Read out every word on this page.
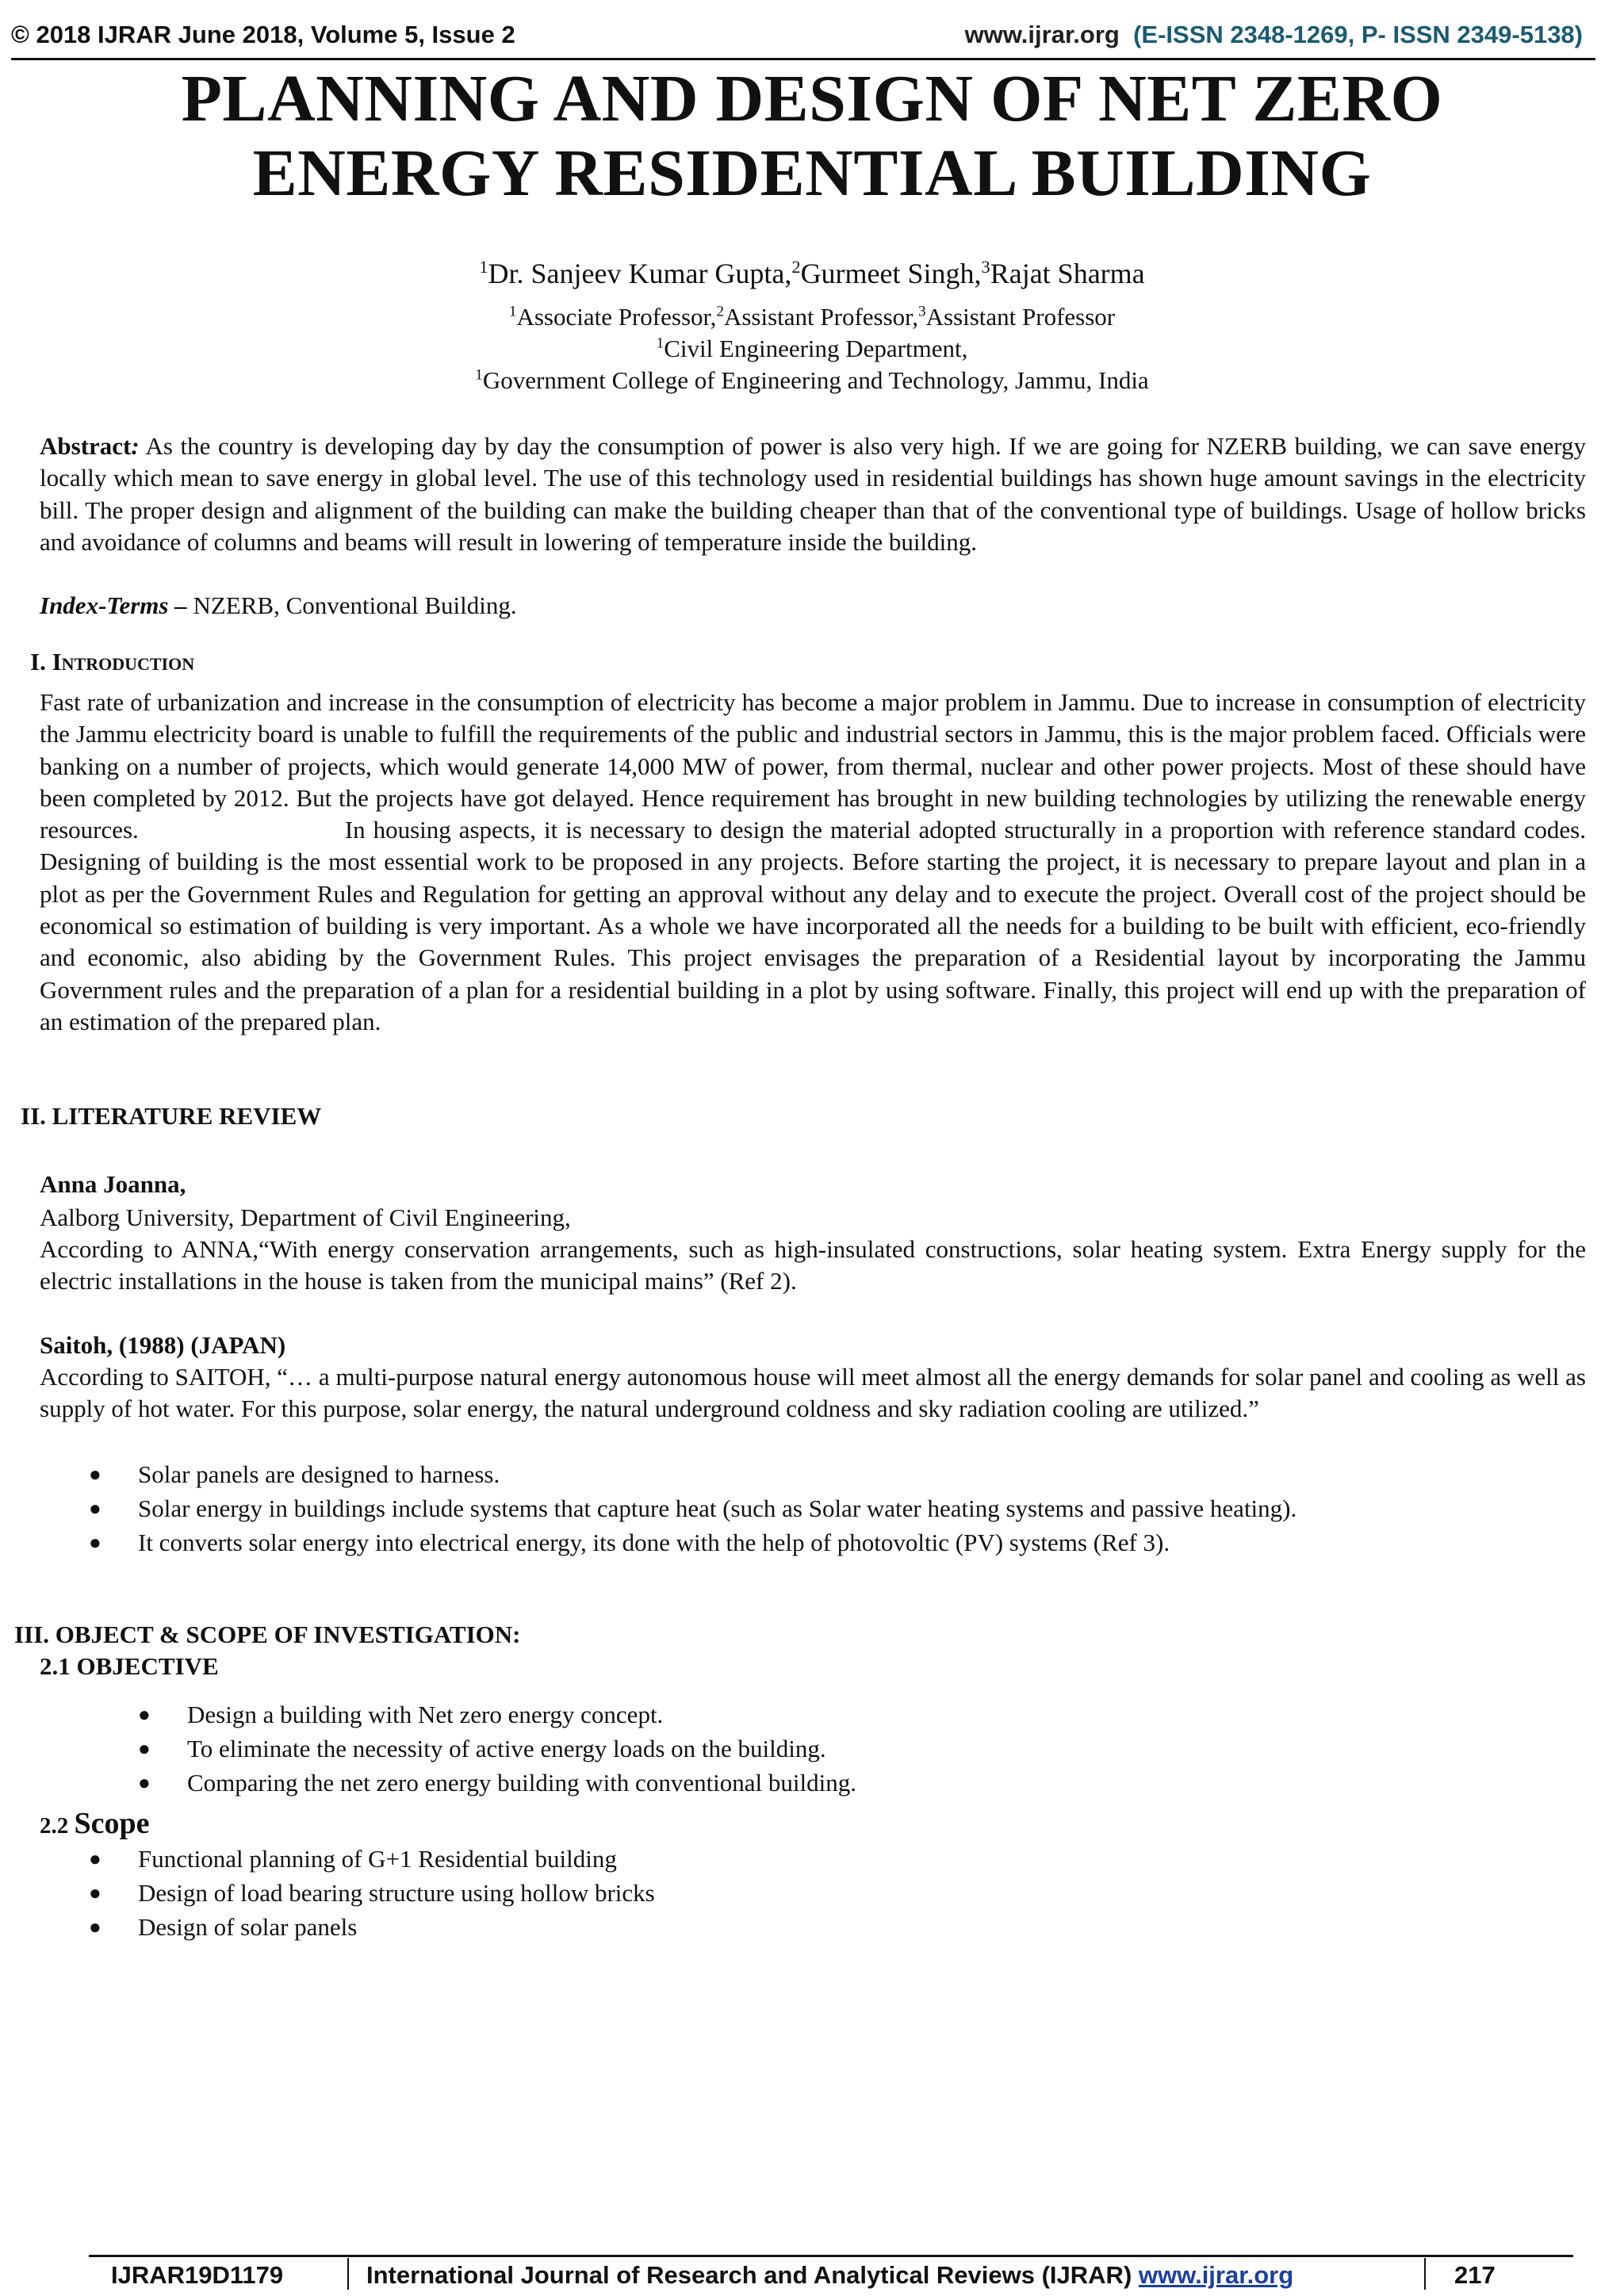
© 2018 IJRAR June 2018, Volume 5, Issue 2	www.ijrar.org (E-ISSN 2348-1269, P- ISSN 2349-5138)
PLANNING AND DESIGN OF NET ZERO
ENERGY RESIDENTIAL BUILDING
$^1$Dr. Sanjeev Kumar Gupta,$^2$Gurmeet Singh,$^3$Rajat Sharma
$^1$Associate Professor,$^2$Assistant Professor,$^3$Assistant Professor
$^1$Civil Engineering Department,
$^1$Government College of Engineering and Technology, Jammu, India
Abstract: As the country is developing day by day the consumption of power is also very high. If we are going for NZERB building, we can save energy locally which mean to save energy in global level. The use of this technology used in residential buildings has shown huge amount savings in the electricity bill. The proper design and alignment of the building can make the building cheaper than that of the conventional type of buildings. Usage of hollow bricks and avoidance of columns and beams will result in lowering of temperature inside the building.
Index-Terms – NZERB, Conventional Building.
I. Introduction
Fast rate of urbanization and increase in the consumption of electricity has become a major problem in Jammu. Due to increase in consumption of electricity the Jammu electricity board is unable to fulfill the requirements of the public and industrial sectors in Jammu, this is the major problem faced. Officials were banking on a number of projects, which would generate 14,000 MW of power, from thermal, nuclear and other power projects. Most of these should have been completed by 2012. But the projects have got delayed. Hence requirement has brought in new building technologies by utilizing the renewable energy resources.	In housing aspects, it is necessary to design the material adopted structurally in a proportion with reference standard codes. Designing of building is the most essential work to be proposed in any projects. Before starting the project, it is necessary to prepare layout and plan in a plot as per the Government Rules and Regulation for getting an approval without any delay and to execute the project. Overall cost of the project should be economical so estimation of building is very important. As a whole we have incorporated all the needs for a building to be built with efficient, eco-friendly and economic, also abiding by the Government Rules. This project envisages the preparation of a Residential layout by incorporating the Jammu Government rules and the preparation of a plan for a residential building in a plot by using software. Finally, this project will end up with the preparation of an estimation of the prepared plan.
II. LITERATURE REVIEW
Anna Joanna,
Aalborg University, Department of Civil Engineering,
According to ANNA,“With energy conservation arrangements, such as high-insulated constructions, solar heating system. Extra Energy supply for the electric installations in the house is taken from the municipal mains” (Ref 2).
Saitoh, (1988) (JAPAN)
According to SAITOH, “… a multi-purpose natural energy autonomous house will meet almost all the energy demands for solar panel and cooling as well as supply of hot water. For this purpose, solar energy, the natural underground coldness and sky radiation cooling are utilized.”
● Solar panels are designed to harness.
● Solar energy in buildings include systems that capture heat (such as Solar water heating systems and passive heating).
● It converts solar energy into electrical energy, its done with the help of photovoltic (PV) systems (Ref 3).
III. OBJECT & SCOPE OF INVESTIGATION:
2.1 OBJECTIVE
● Design a building with Net zero energy concept.
● To eliminate the necessity of active energy loads on the building.
● Comparing the net zero energy building with conventional building.
2.2 Scope
● Functional planning of G+1 Residential building
● Design of load bearing structure using hollow bricks
● Design of solar panels
IJRAR19D1179	International Journal of Research and Analytical Reviews (IJRAR) www.ijrar.org	217
